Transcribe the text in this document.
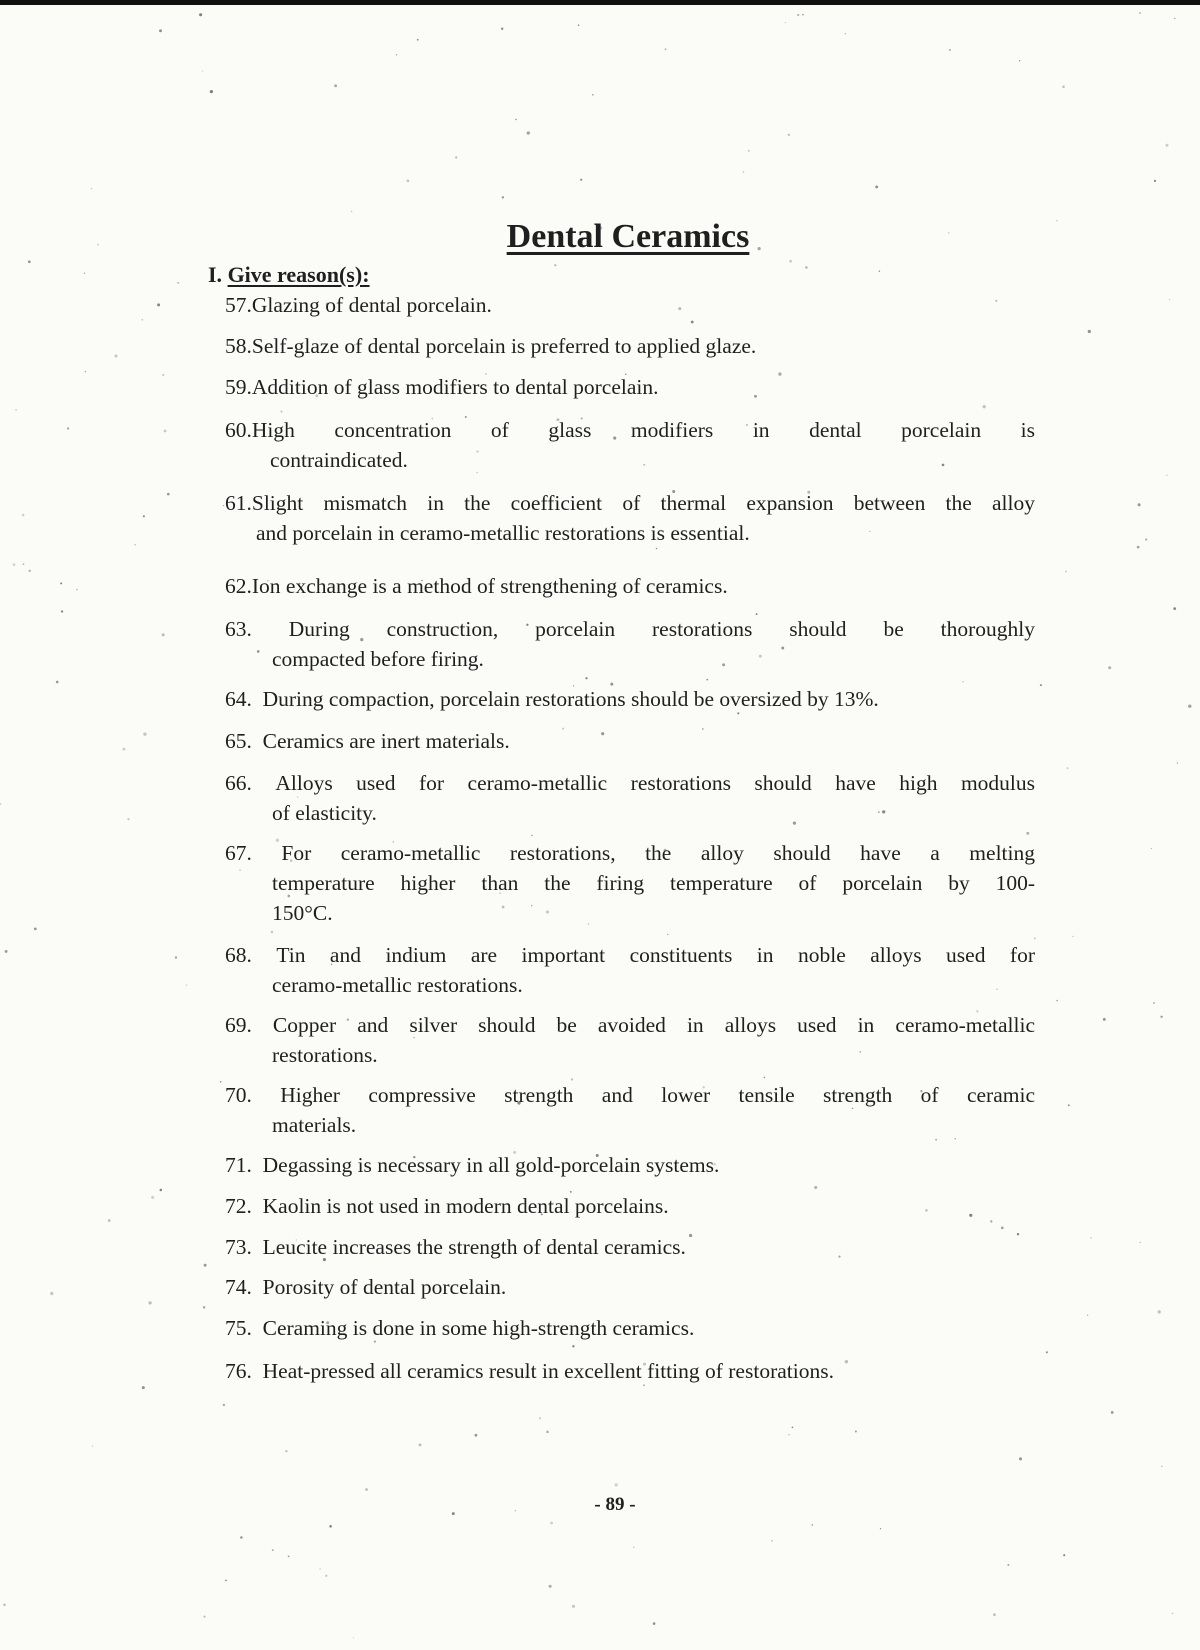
Dental Ceramics
I. Give reason(s):
57.Glazing of dental porcelain.
58.Self-glaze of dental porcelain is preferred to applied glaze.
59.Addition of glass modifiers to dental porcelain.
60.High concentration of glass modifiers in dental porcelain is
contraindicated.
61.Slight mismatch in the coefficient of thermal expansion between the alloy
and porcelain in ceramo-metallic restorations is essential.
62.Ion exchange is a method of strengthening of ceramics.
63. During construction, porcelain restorations should be thoroughly
compacted before firing.
64. During compaction, porcelain restorations should be oversized by 13%.
65. Ceramics are inert materials.
66. Alloys used for ceramo-metallic restorations should have high modulus
of elasticity.
67. For ceramo-metallic restorations, the alloy should have a melting
temperature higher than the firing temperature of porcelain by 100-
150°C.
68. Tin and indium are important constituents in noble alloys used for
ceramo-metallic restorations.
69. Copper and silver should be avoided in alloys used in ceramo-metallic
restorations.
70. Higher compressive strength and lower tensile strength of ceramic
materials.
71. Degassing is necessary in all gold-porcelain systems.
72. Kaolin is not used in modern dental porcelains.
73. Leucite increases the strength of dental ceramics.
74. Porosity of dental porcelain.
75. Ceraming is done in some high-strength ceramics.
76. Heat-pressed all ceramics result in excellent fitting of restorations.
- 89 -
